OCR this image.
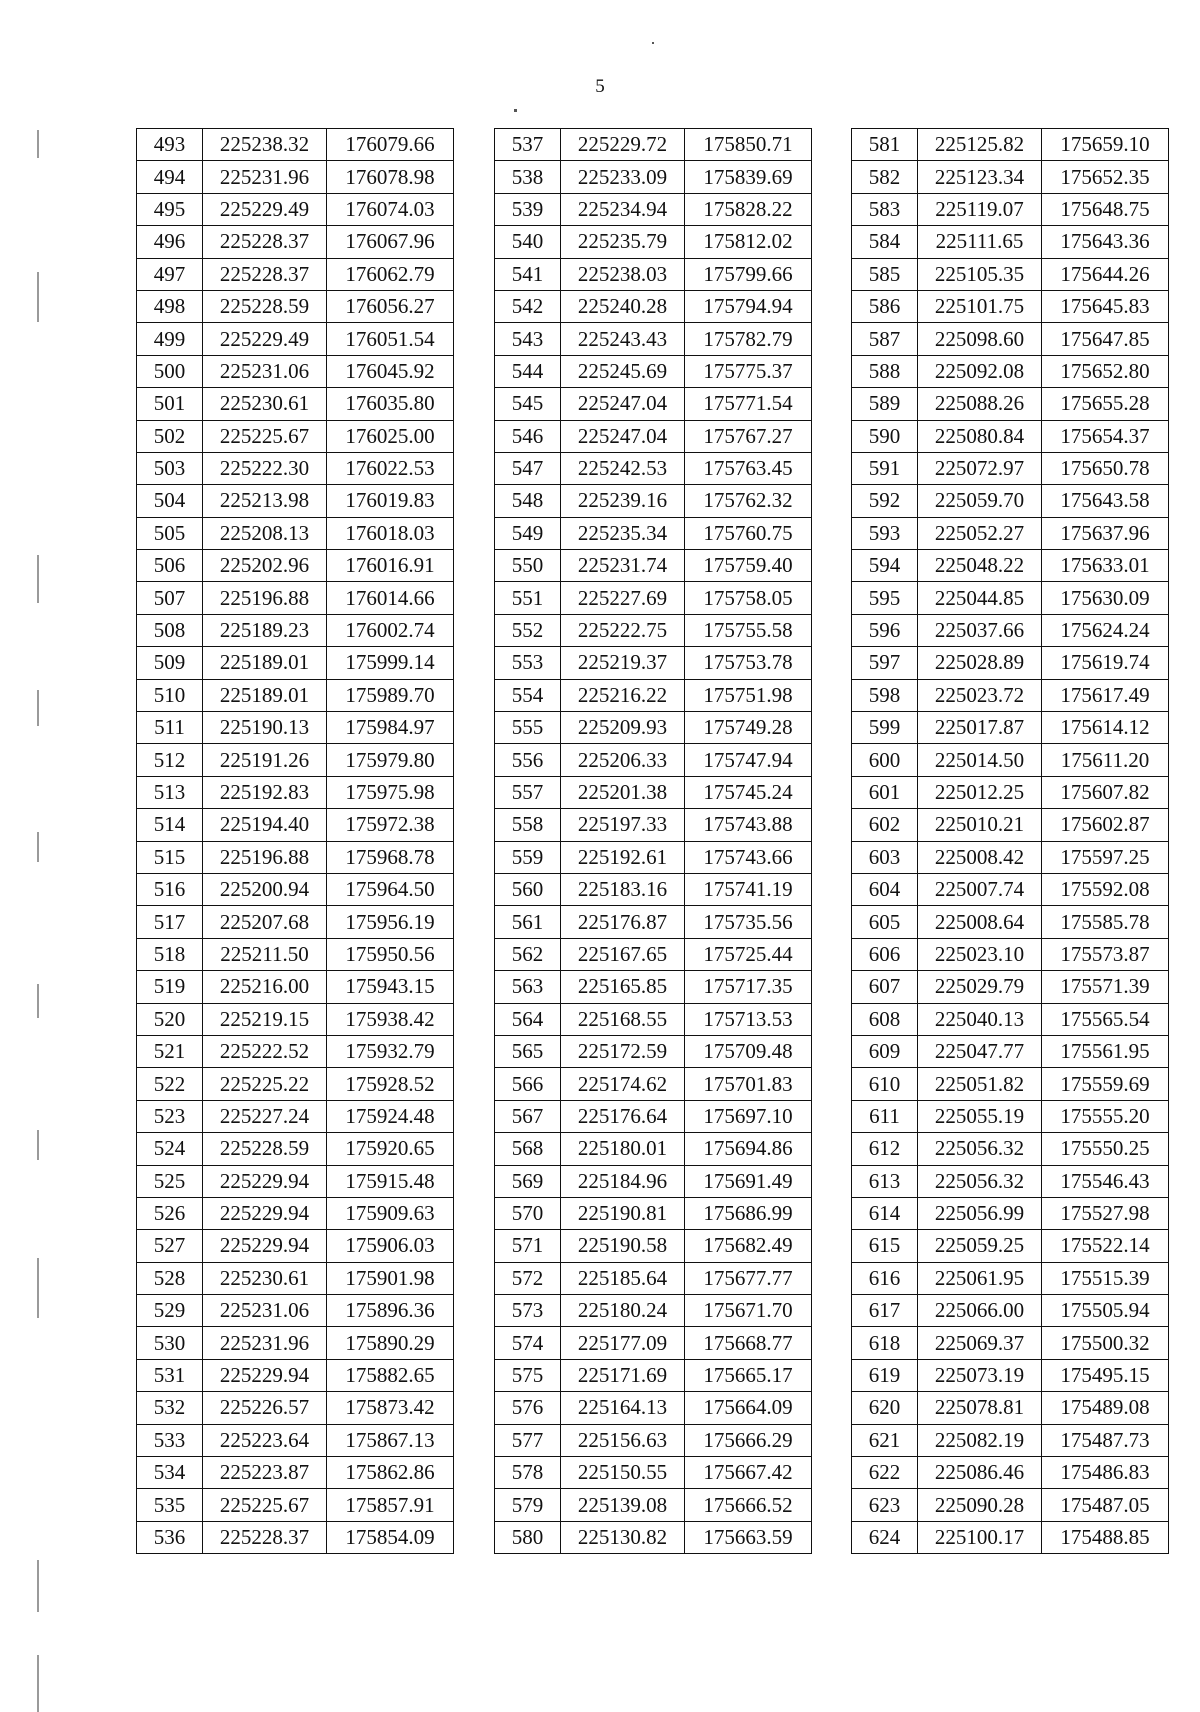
5
493	225238.32	176079.66
494	225231.96	176078.98
495	225229.49	176074.03
496	225228.37	176067.96
497	225228.37	176062.79
498	225228.59	176056.27
499	225229.49	176051.54
500	225231.06	176045.92
501	225230.61	176035.80
502	225225.67	176025.00
503	225222.30	176022.53
504	225213.98	176019.83
505	225208.13	176018.03
506	225202.96	176016.91
507	225196.88	176014.66
508	225189.23	176002.74
509	225189.01	175999.14
510	225189.01	175989.70
511	225190.13	175984.97
512	225191.26	175979.80
513	225192.83	175975.98
514	225194.40	175972.38
515	225196.88	175968.78
516	225200.94	175964.50
517	225207.68	175956.19
518	225211.50	175950.56
519	225216.00	175943.15
520	225219.15	175938.42
521	225222.52	175932.79
522	225225.22	175928.52
523	225227.24	175924.48
524	225228.59	175920.65
525	225229.94	175915.48
526	225229.94	175909.63
527	225229.94	175906.03
528	225230.61	175901.98
529	225231.06	175896.36
530	225231.96	175890.29
531	225229.94	175882.65
532	225226.57	175873.42
533	225223.64	175867.13
534	225223.87	175862.86
535	225225.67	175857.91
536	225228.37	175854.09
537	225229.72	175850.71
538	225233.09	175839.69
539	225234.94	175828.22
540	225235.79	175812.02
541	225238.03	175799.66
542	225240.28	175794.94
543	225243.43	175782.79
544	225245.69	175775.37
545	225247.04	175771.54
546	225247.04	175767.27
547	225242.53	175763.45
548	225239.16	175762.32
549	225235.34	175760.75
550	225231.74	175759.40
551	225227.69	175758.05
552	225222.75	175755.58
553	225219.37	175753.78
554	225216.22	175751.98
555	225209.93	175749.28
556	225206.33	175747.94
557	225201.38	175745.24
558	225197.33	175743.88
559	225192.61	175743.66
560	225183.16	175741.19
561	225176.87	175735.56
562	225167.65	175725.44
563	225165.85	175717.35
564	225168.55	175713.53
565	225172.59	175709.48
566	225174.62	175701.83
567	225176.64	175697.10
568	225180.01	175694.86
569	225184.96	175691.49
570	225190.81	175686.99
571	225190.58	175682.49
572	225185.64	175677.77
573	225180.24	175671.70
574	225177.09	175668.77
575	225171.69	175665.17
576	225164.13	175664.09
577	225156.63	175666.29
578	225150.55	175667.42
579	225139.08	175666.52
580	225130.82	175663.59
581	225125.82	175659.10
582	225123.34	175652.35
583	225119.07	175648.75
584	225111.65	175643.36
585	225105.35	175644.26
586	225101.75	175645.83
587	225098.60	175647.85
588	225092.08	175652.80
589	225088.26	175655.28
590	225080.84	175654.37
591	225072.97	175650.78
592	225059.70	175643.58
593	225052.27	175637.96
594	225048.22	175633.01
595	225044.85	175630.09
596	225037.66	175624.24
597	225028.89	175619.74
598	225023.72	175617.49
599	225017.87	175614.12
600	225014.50	175611.20
601	225012.25	175607.82
602	225010.21	175602.87
603	225008.42	175597.25
604	225007.74	175592.08
605	225008.64	175585.78
606	225023.10	175573.87
607	225029.79	175571.39
608	225040.13	175565.54
609	225047.77	175561.95
610	225051.82	175559.69
611	225055.19	175555.20
612	225056.32	175550.25
613	225056.32	175546.43
614	225056.99	175527.98
615	225059.25	175522.14
616	225061.95	175515.39
617	225066.00	175505.94
618	225069.37	175500.32
619	225073.19	175495.15
620	225078.81	175489.08
621	225082.19	175487.73
622	225086.46	175486.83
623	225090.28	175487.05
624	225100.17	175488.85
